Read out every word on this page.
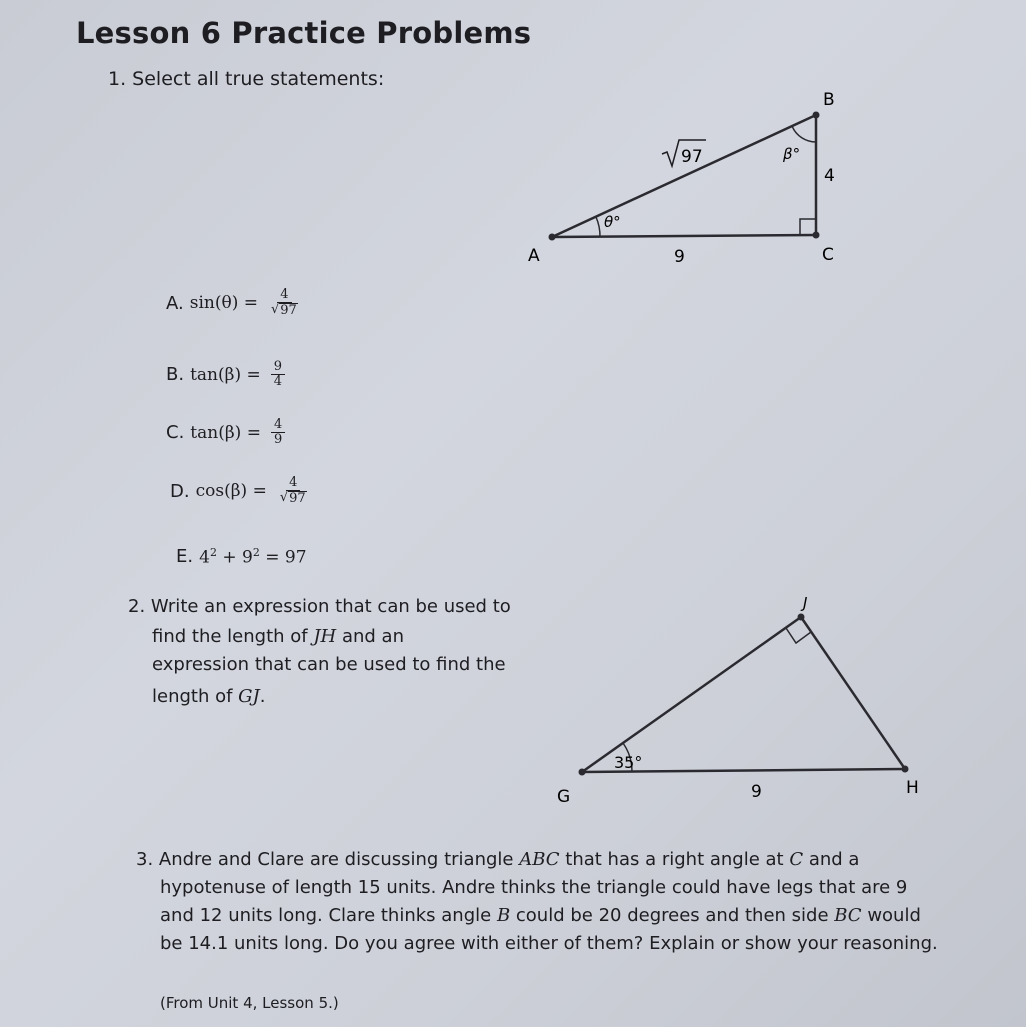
Lesson 6 Practice Problems
1. Select all true statements:
A
B
C
9
4
97
θ°
β°
A. $\sin(\theta) = \frac{4}{√ 97}$
B. $\tan(\beta) = \frac{9}{4}$
C. $\tan(\beta) = \frac{4}{9}$
D. $\cos(\beta) = \frac{4}{√ 97}$
E. $4^2 + 9^2 = 97$
2. Write an expression that can be used to
find the length of JH and an
expression that can be used to find the
length of GJ.
G
J
H
9
35°
3. Andre and Clare are discussing triangle ABC that has a right angle at C and a
hypotenuse of length 15 units. Andre thinks the triangle could have legs that are 9
and 12 units long. Clare thinks angle B could be 20 degrees and then side BC would
be 14.1 units long. Do you agree with either of them? Explain or show your reasoning.
(From Unit 4, Lesson 5.)
